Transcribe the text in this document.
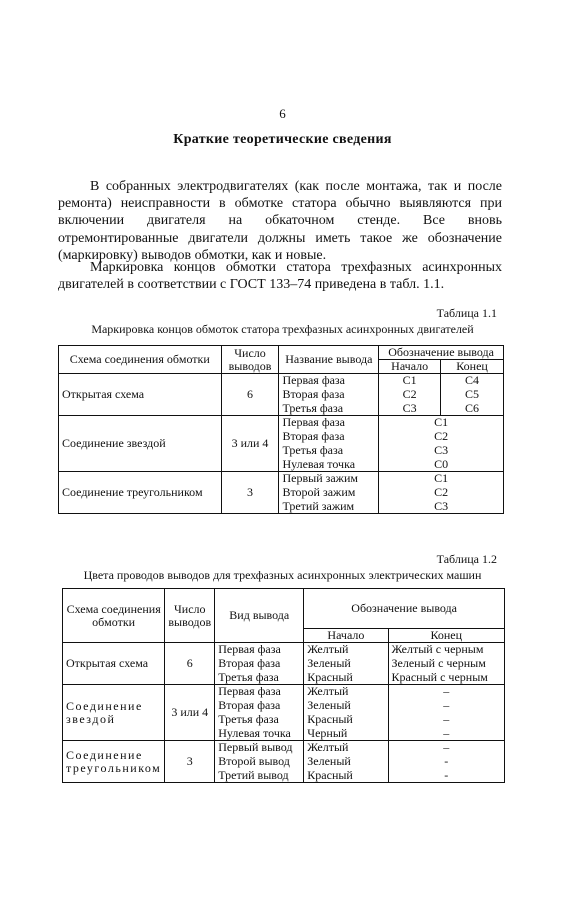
6
Краткие теоретические сведения
В собранных электродвигателях (как после монтажа, так и после ремонта) неисправности в обмотке статора обычно выявляются при включении двигателя на обкаточном стенде. Все вновь отремонтированные двигатели должны иметь такое же обозначение (маркировку) выводов обмотки, как и новые.
Маркировка концов обмотки статора трехфазных асинхронных двигателей в соответствии с ГОСТ 133–74 приведена в табл. 1.1.
Таблица 1.1
Маркировка концов обмоток статора трехфазных асинхронных двигателей
Схема соединения обмотки	Число выводов	Название вывода	Обозначение вывода	
			Начало	Конец
Открытая схема	6	Первая фаза	C1	C4
		Вторая фаза	C2	C5
		Третья фаза	C3	C6
Соединение звездой	3 или 4	Первая фаза	C1	
		Вторая фаза	C2	
		Третья фаза	C3	
		Нулевая точка	C0	
Соединение треугольником	3	Первый зажим	C1	
		Второй зажим	C2	
		Третий зажим	C3	
Таблица 1.2
Цвета проводов выводов для трехфазных асинхронных электрических машин
Схема соединения обмотки	Число выводов	Вид вывода	Обозначение вывода	
			Начало	Конец
Открытая схема	6	Первая фаза	Желтый	Желтый с черным
		Вторая фаза	Зеленый	Зеленый с черным
		Третья фаза	Красный	Красный с черным
Соединение звездой	3 или 4	Первая фаза	Желтый	–
		Вторая фаза	Зеленый	–
		Третья фаза	Красный	–
		Нулевая точка	Черный	–
Соединение треугольником	3	Первый вывод	Желтый	–
		Второй вывод	Зеленый	-
		Третий вывод	Красный	-
